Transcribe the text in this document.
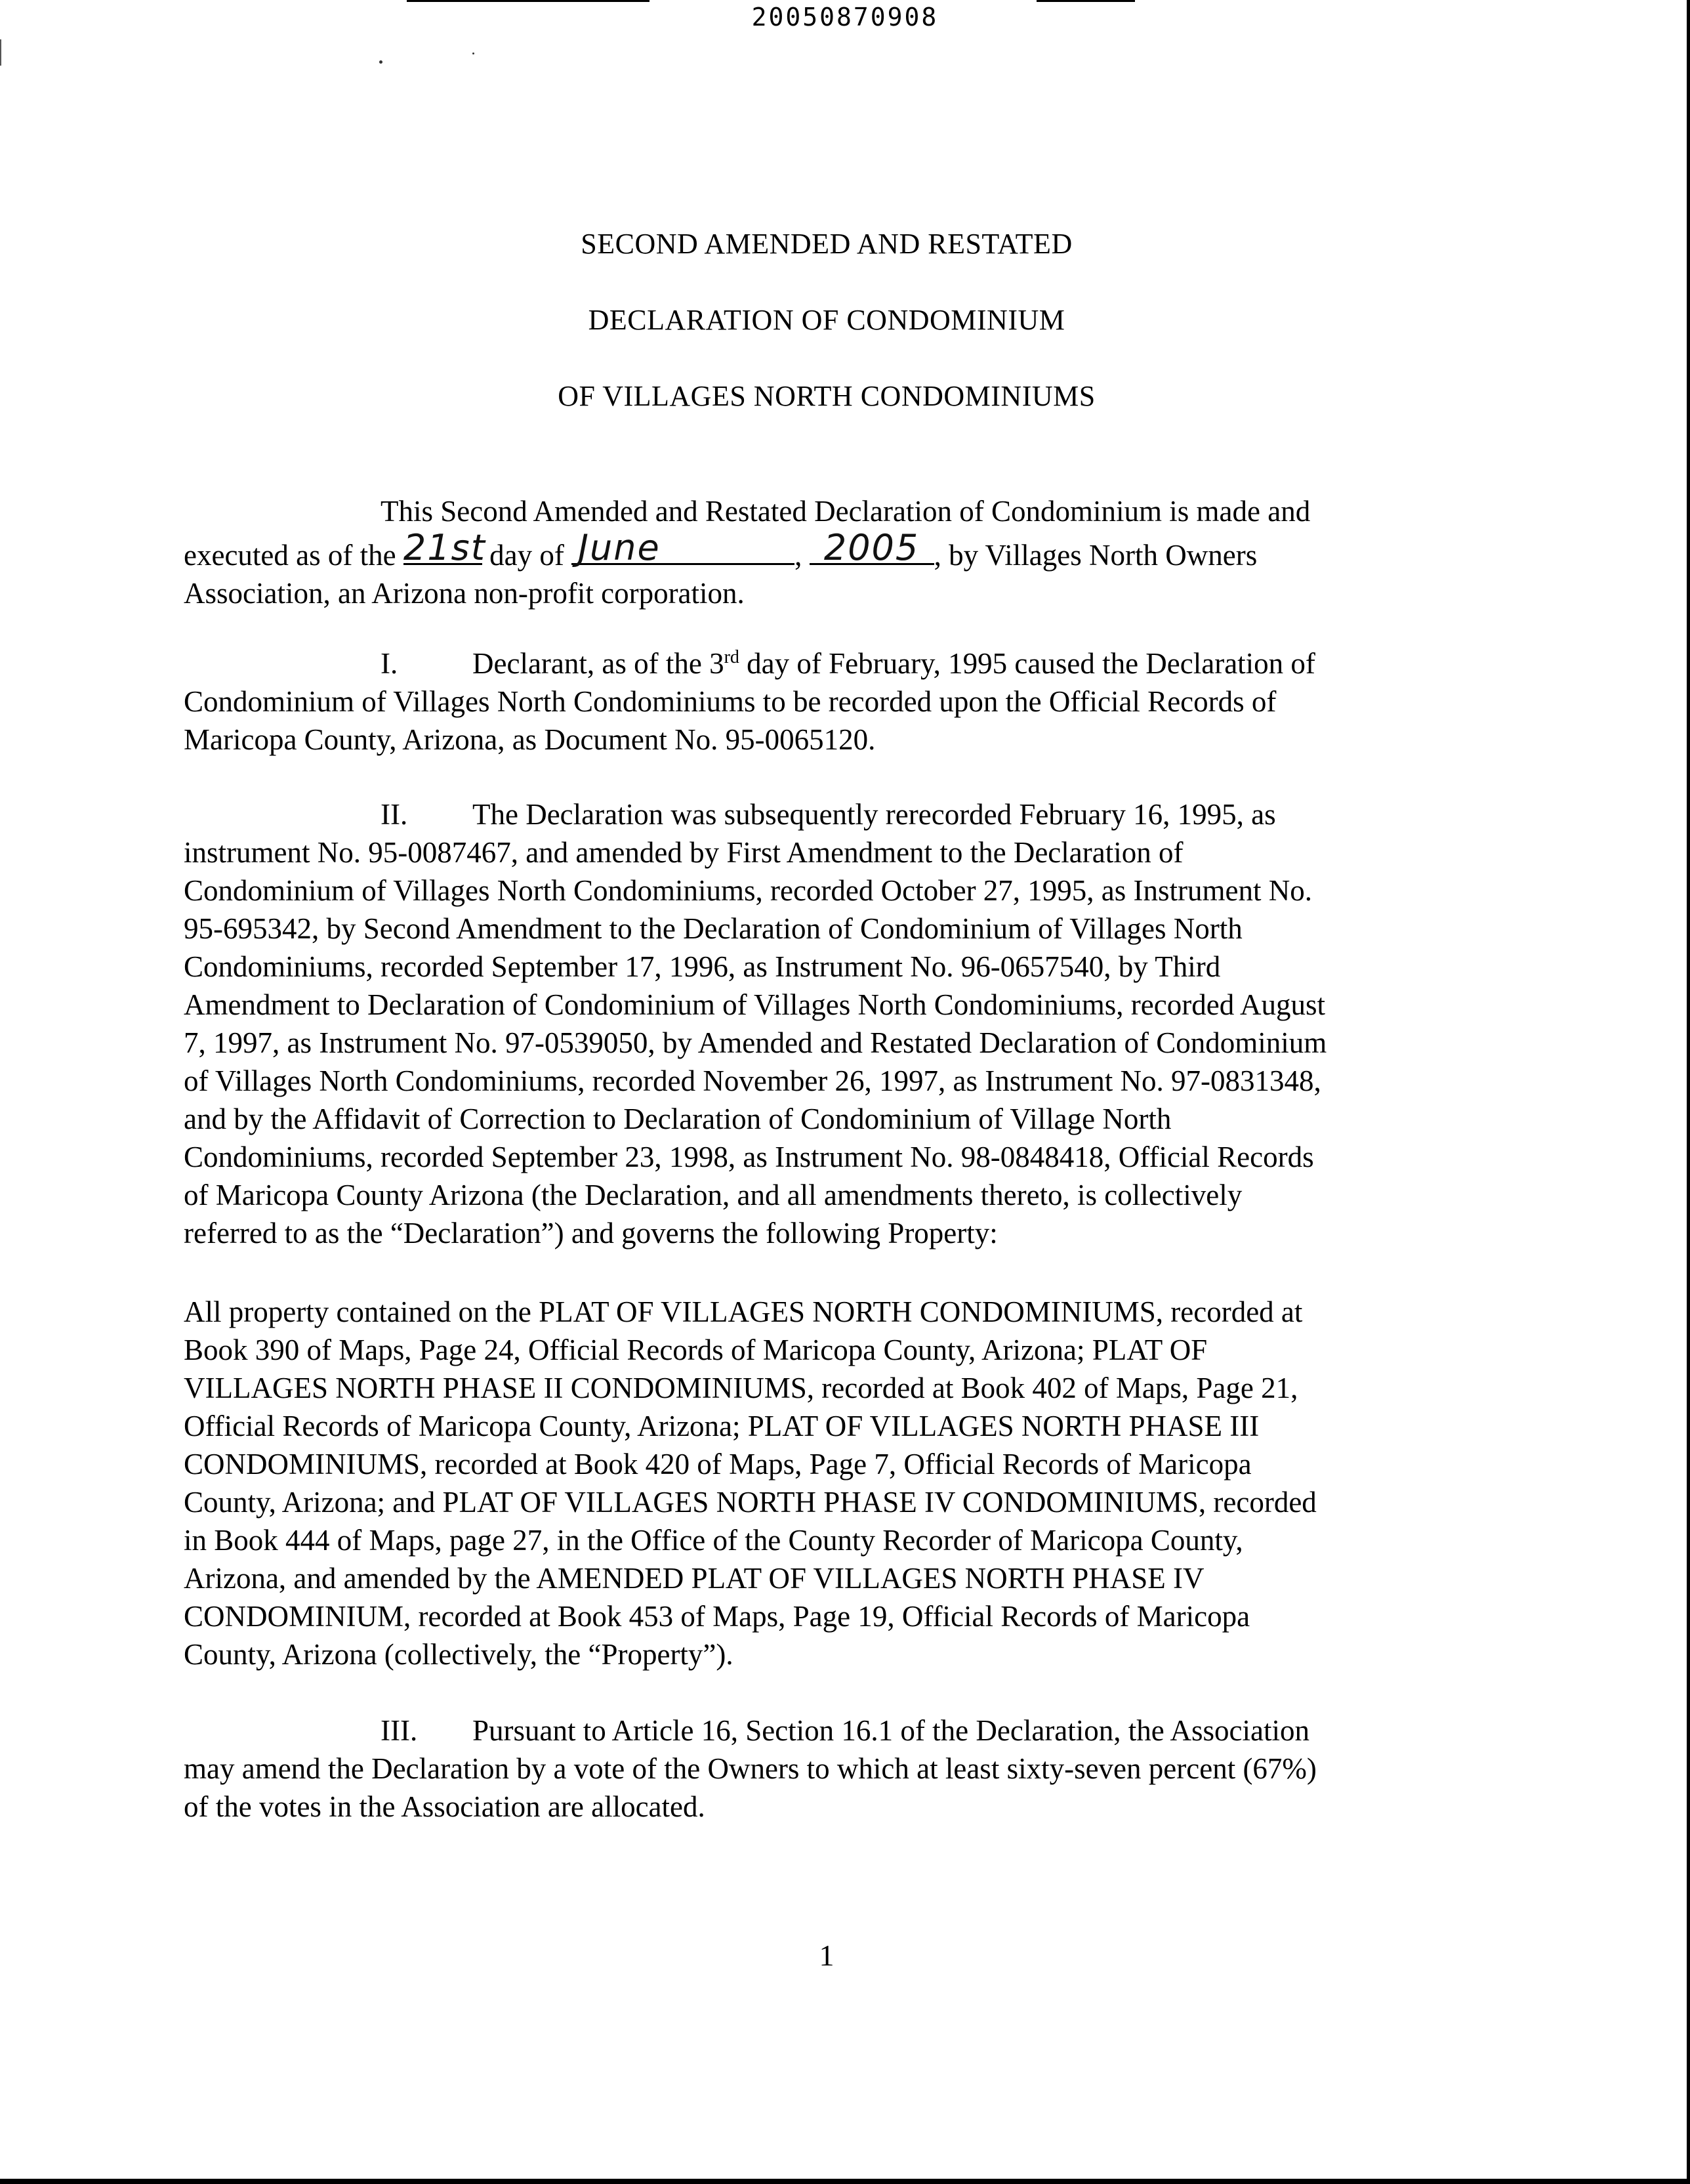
20050870908
SECOND AMENDED AND RESTATED
DECLARATION OF CONDOMINIUM
OF VILLAGES NORTH CONDOMINIUMS
This Second Amended and Restated Declaration of Condominium is made and
executed as of the 21st
day of June	, 2005 , by Villages North Owners
Association, an Arizona non-profit corporation.
I.	Declarant, as of the 3rd day of February, 1995 caused the Declaration of
Condominium of Villages North Condominiums to be recorded upon the Official Records of
Maricopa County, Arizona, as Document No. 95-0065120.
II. The Declaration was subsequently rerecorded February 16, 1995, as
instrument No. 95-0087467, and amended by First Amendment to the Declaration of
Condominium of Villages North Condominiums, recorded October 27, 1995, as Instrument No.
95-695342, by Second Amendment to the Declaration of Condominium of Villages North
Condominiums, recorded September 17, 1996, as Instrument No. 96-0657540, by Third
Amendment to Declaration of Condominium of Villages North Condominiums, recorded August
7, 1997, as Instrument No. 97-0539050, by Amended and Restated Declaration of Condominium
of Villages North Condominiums, recorded November 26, 1997, as Instrument No. 97-0831348,
and by the Affidavit of Correction to Declaration of Condominium of Village North
Condominiums, recorded September 23, 1998, as Instrument No. 98-0848418, Official Records
of Maricopa County Arizona (the Declaration, and all amendments thereto, is collectively
referred to as the “Declaration”) and governs the following Property:
All property contained on the PLAT OF VILLAGES NORTH CONDOMINIUMS, recorded at
Book 390 of Maps, Page 24, Official Records of Maricopa County, Arizona; PLAT OF
VILLAGES NORTH PHASE II CONDOMINIUMS, recorded at Book 402 of Maps, Page 21,
Official Records of Maricopa County, Arizona; PLAT OF VILLAGES NORTH PHASE III
CONDOMINIUMS, recorded at Book 420 of Maps, Page 7, Official Records of Maricopa
County, Arizona; and PLAT OF VILLAGES NORTH PHASE IV CONDOMINIUMS, recorded
in Book 444 of Maps, page 27, in the Office of the County Recorder of Maricopa County,
Arizona, and amended by the AMENDED PLAT OF VILLAGES NORTH PHASE IV
CONDOMINIUM, recorded at Book 453 of Maps, Page 19, Official Records of Maricopa
County, Arizona (collectively, the “Property”).
III. Pursuant to Article 16, Section 16.1 of the Declaration, the Association
may amend the Declaration by a vote of the Owners to which at least sixty-seven percent (67%)
of the votes in the Association are allocated.
1
